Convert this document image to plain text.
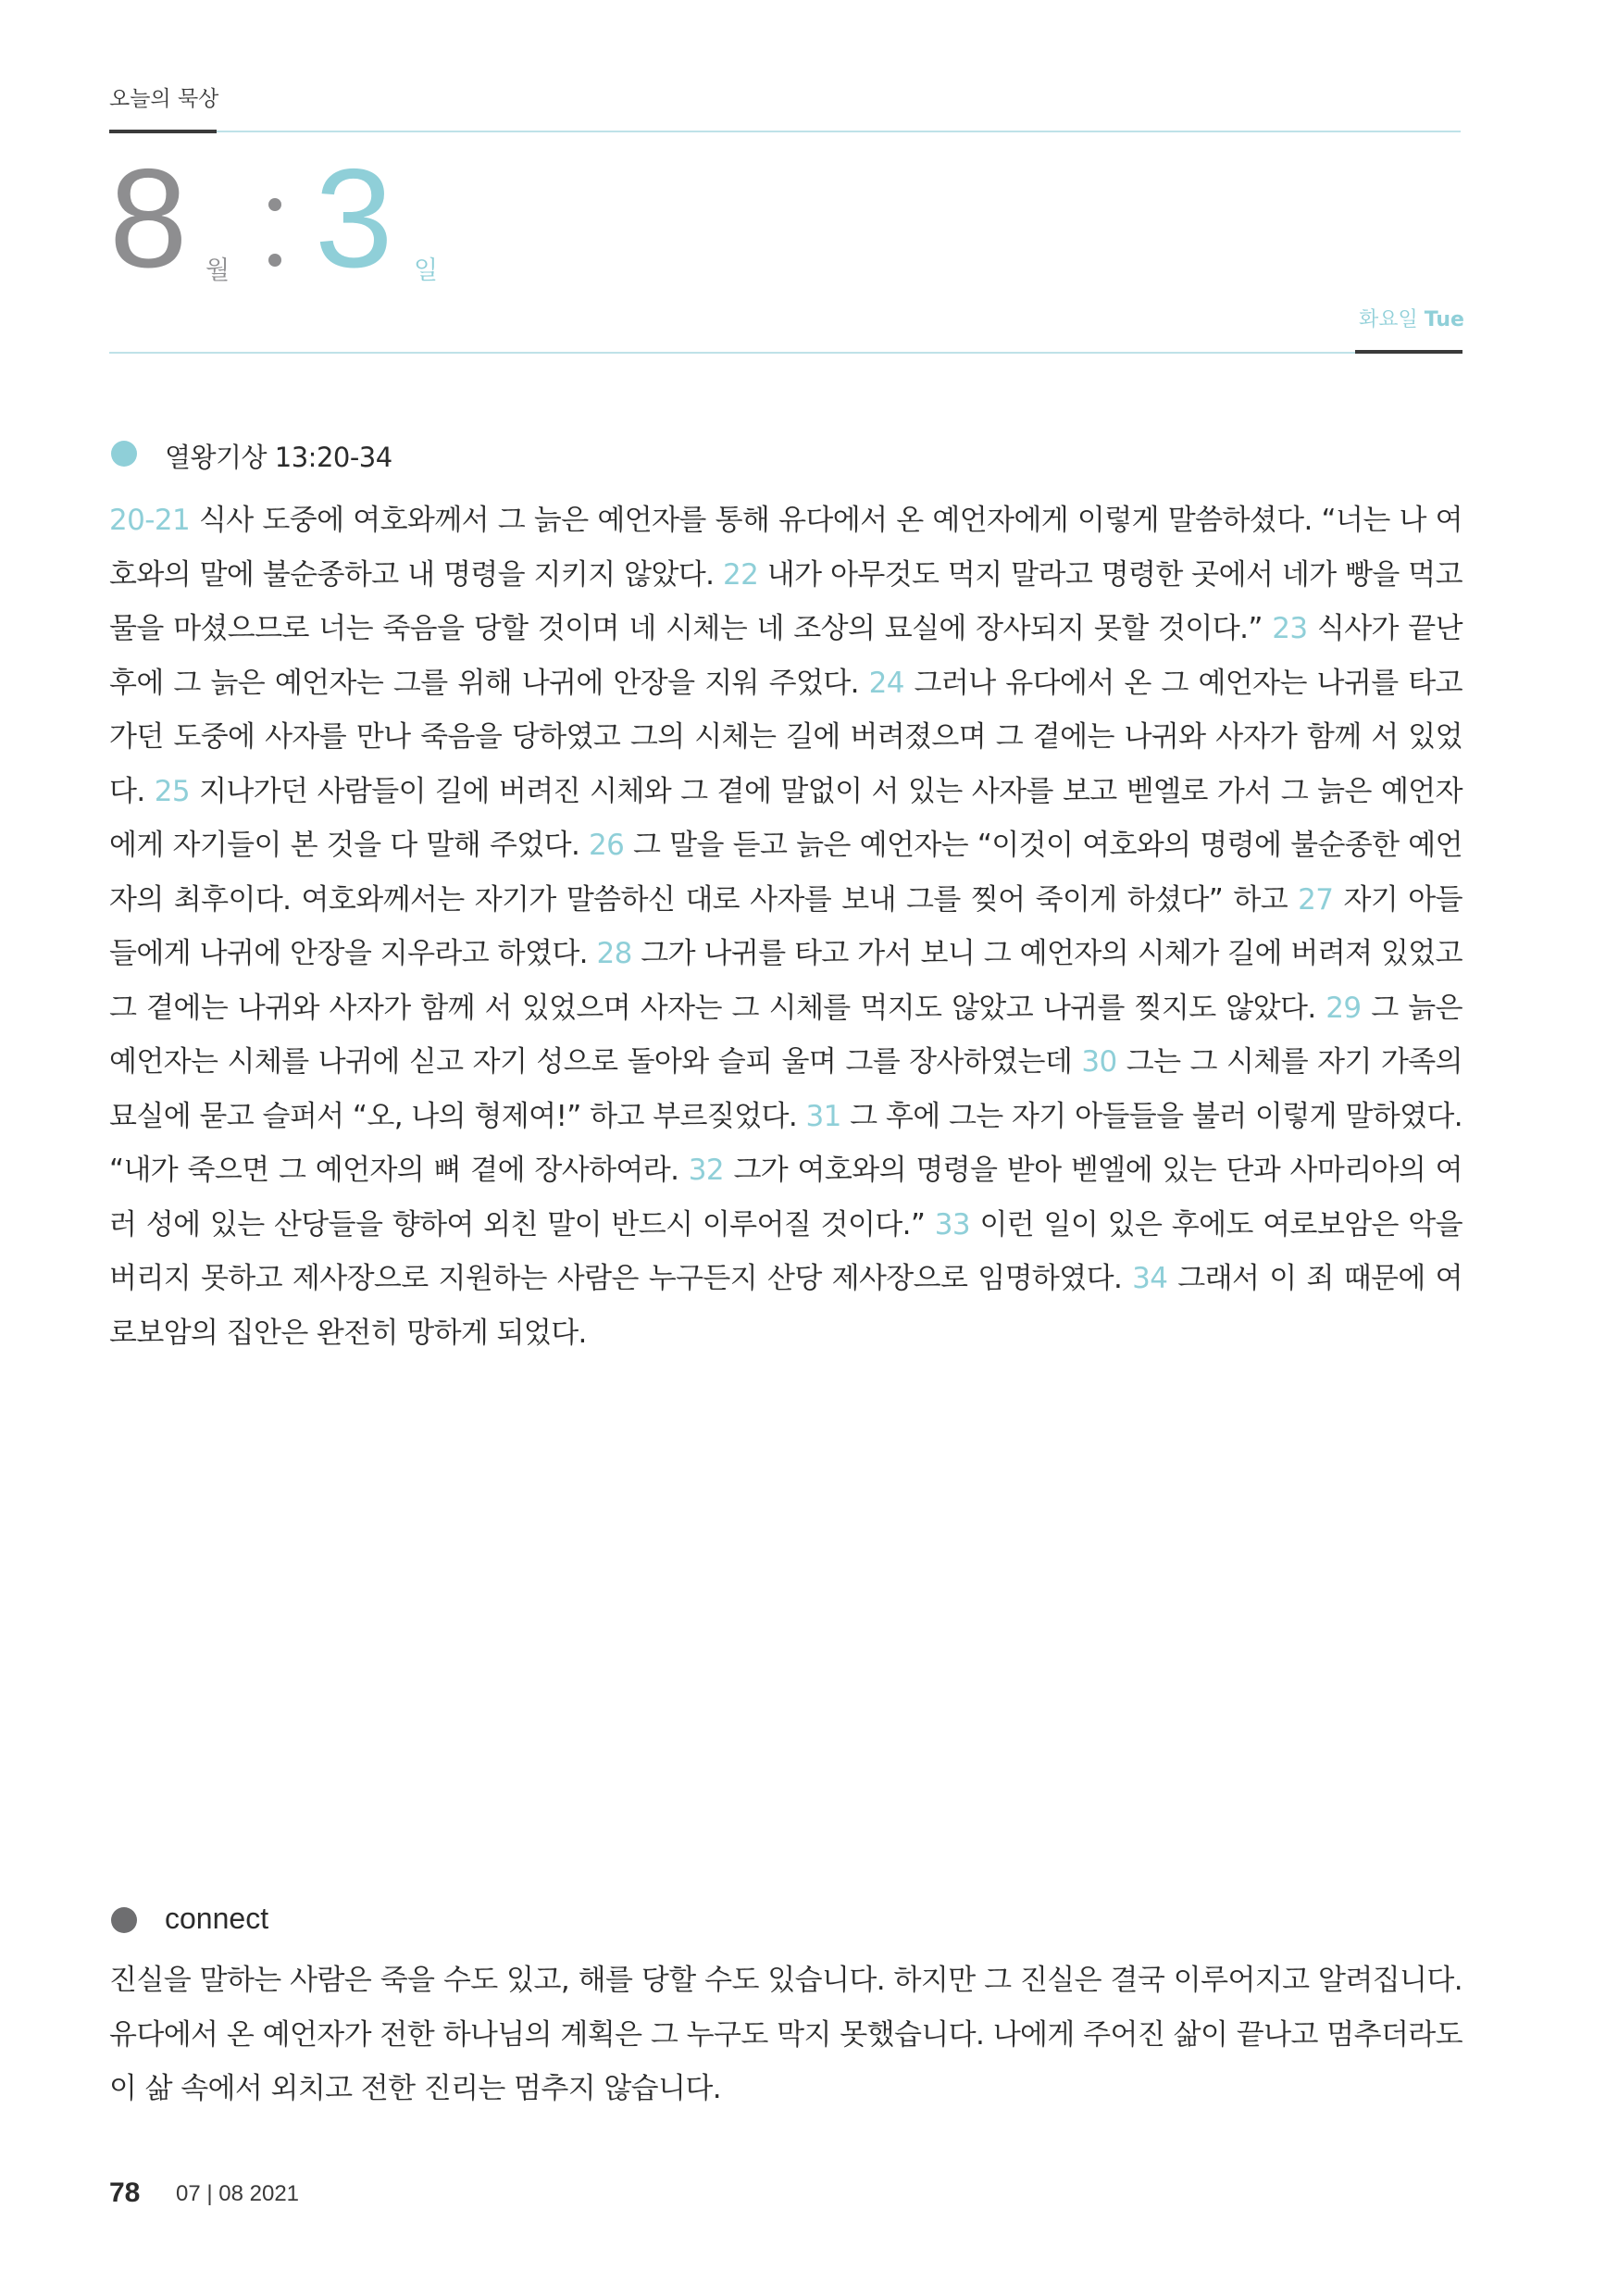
오늘의 묵상
8 월 3 일
화요일 Tue
열왕기상 13:20-34
20-21 식사 도중에 여호와께서 그 늙은 예언자를 통해 유다에서 온 예언자에게 이렇게 말씀하셨다. “너는 나 여호와의 말에 불순종하고 내 명령을 지키지 않았다. 22 내가 아무것도 먹지 말라고 명령한 곳에서 네가 빵을 먹고 물을 마셨으므로 너는 죽음을 당할 것이며 네 시체는 네 조상의 묘실에 장사되지 못할 것이다.” 23 식사가 끝난 후에 그 늙은 예언자는 그를 위해 나귀에 안장을 지워 주었다. 24 그러나 유다에서 온 그 예언자는 나귀를 타고 가던 도중에 사자를 만나 죽음을 당하였고 그의 시체는 길에 버려졌으며 그 곁에는 나귀와 사자가 함께 서 있었다. 25 지나가던 사람들이 길에 버려진 시체와 그 곁에 말없이 서 있는 사자를 보고 벧엘로 가서 그 늙은 예언자에게 자기들이 본 것을 다 말해 주었다. 26 그 말을 듣고 늙은 예언자는 “이것이 여호와의 명령에 불순종한 예언자의 최후이다. 여호와께서는 자기가 말씀하신 대로 사자를 보내 그를 찢어 죽이게 하셨다” 하고 27 자기 아들들에게 나귀에 안장을 지우라고 하였다. 28 그가 나귀를 타고 가서 보니 그 예언자의 시체가 길에 버려져 있었고 그 곁에는 나귀와 사자가 함께 서 있었으며 사자는 그 시체를 먹지도 않았고 나귀를 찢지도 않았다. 29 그 늙은 예언자는 시체를 나귀에 싣고 자기 성으로 돌아와 슬피 울며 그를 장사하였는데 30 그는 그 시체를 자기 가족의 묘실에 묻고 슬퍼서 “오, 나의 형제여!” 하고 부르짖었다. 31 그 후에 그는 자기 아들들을 불러 이렇게 말하였다. “내가 죽으면 그 예언자의 뼈 곁에 장사하여라. 32 그가 여호와의 명령을 받아 벧엘에 있는 단과 사마리아의 여러 성에 있는 산당들을 향하여 외친 말이 반드시 이루어질 것이다.” 33 이런 일이 있은 후에도 여로보암은 악을 버리지 못하고 제사장으로 지원하는 사람은 누구든지 산당 제사장으로 임명하였다. 34 그래서 이 죄 때문에 여로보암의 집안은 완전히 망하게 되었다.
connect
진실을 말하는 사람은 죽을 수도 있고, 해를 당할 수도 있습니다. 하지만 그 진실은 결국 이루어지고 알려집니다. 유다에서 온 예언자가 전한 하나님의 계획은 그 누구도 막지 못했습니다. 나에게 주어진 삶이 끝나고 멈추더라도 이 삶 속에서 외치고 전한 진리는 멈추지 않습니다.
78 07 | 08 2021
